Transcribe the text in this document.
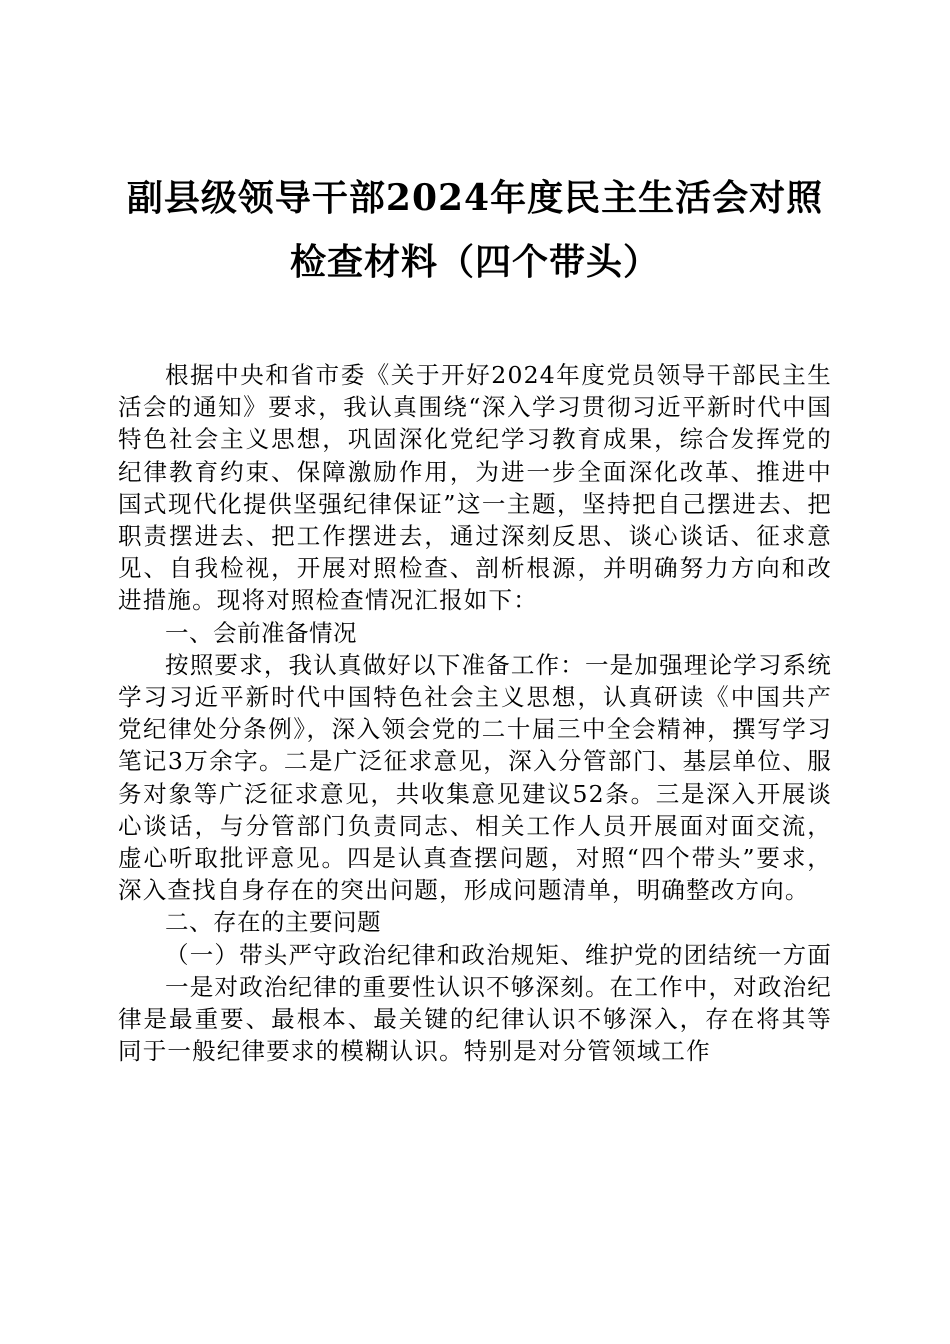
副县级领导干部2024年度民主生活会对照检查材料（四个带头）

根据中央和省市委《关于开好2024年度党员领导干部民主生活会的通知》要求，我认真围绕“深入学习贯彻习近平新时代中国特色社会主义思想，巩固深化党纪学习教育成果，综合发挥党的纪律教育约束、保障激励作用，为进一步全面深化改革、推进中国式现代化提供坚强纪律保证”这一主题，坚持把自己摆进去、把职责摆进去、把工作摆进去，通过深刻反思、谈心谈话、征求意见、自我检视，开展对照检查、剖析根源，并明确努力方向和改进措施。现将对照检查情况汇报如下：

一、会前准备情况

按照要求，我认真做好以下准备工作：一是加强理论学习系统学习习近平新时代中国特色社会主义思想，认真研读《中国共产党纪律处分条例》，深入领会党的二十届三中全会精神，撰写学习笔记3万余字。二是广泛征求意见，深入分管部门、基层单位、服务对象等广泛征求意见，共收集意见建议52条。三是深入开展谈心谈话，与分管部门负责同志、相关工作人员开展面对面交流，虚心听取批评意见。四是认真查摆问题，对照“四个带头”要求，深入查找自身存在的突出问题，形成问题清单，明确整改方向。

二、存在的主要问题

（一）带头严守政治纪律和政治规矩、维护党的团结统一方面

一是对政治纪律的重要性认识不够深刻。在工作中，对政治纪律是最重要、最根本、最关键的纪律认识不够深入，存在将其等同于一般纪律要求的模糊认识。特别是对分管领域工作
